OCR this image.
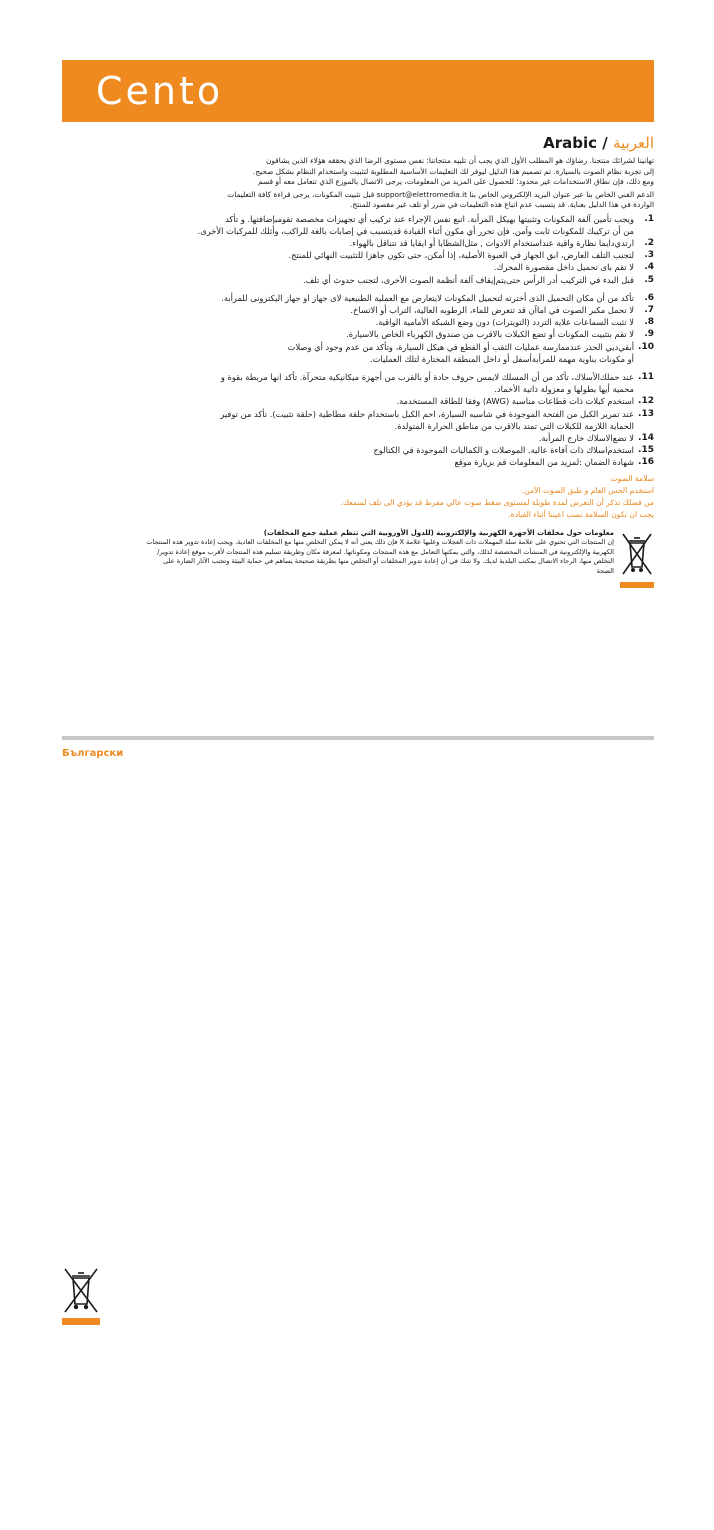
Cento
Arabic / العربية

تهانينا لشرائك منتجنا. رضاؤك هو المطلب الأول الذي يجب أن تلبيه منتجاتنا: نفس مستوى الرضا الذي يحققه هؤلاء الذين يشاقون

إلى تجربة نظام الصوت بالسيارة. تم تصميم هذا الدليل ليوفر لك التعليمات الأساسية المطلوبة لتثبيت واستخدام النظام بشكل صحيح.

ومع ذلك، فإن نطاق الاستخدامات غير محدود؛ للحصول على المزيد من المعلومات، يرجى الاتصال بالموزع الذي تتعامل معه أو قسم

الدعم الفني الخاص بنا عبر عنوان البريد الإلكتروني الخاص بنا support@elettromedia.it قبل تثبيت المكونات، يرجى قراءة كافة التعليمات

الواردة في هذا الدليل بعناية. قد يتسبب عدم اتباع هذه التعليمات في ضرر أو تلف غير مقصود للمنتج.

1.
ويجب تأمين آلفة المكونات وتثبيتها بهيكل المرأبة. اتبع نفس الإجراء عند تركيب أي تجهيزات مخصصة تقومبإضافتها. و تأكد
من أن تركيبك للمكونات ثابت وآمن. فإن تحرر أي مكون أثناء القيادة قديتسبب في إصابات بالغة للراكب، وأثلك للمركبات الأخرى.
2.
ارتدي‌دايما نظارة واقية عند‌استخدام الادوات , مثل‌الشظايا أو ايقايا قد تتناقل بالهواء.
3.
لتجنب التلف العارض، ابق الجهاز في العبوة الأصلية، إذا أمكن، حتى تكون جاهزا للتثبيت النهائي للمنتج.
4.
لا تقم باى تحميل داخل مقصورة المحرك.
5.
قبل البدء في التركيب أدر الرأس حتى‌يتم‌إيقاف آلفة أنظمة الصوت الأخرى، لتجنب حدوث أي تلف.
6.
تأكد من أن مكان التحميل الذى أخترته لتحميل المكونات لايتعارض مع العملية الطبيعية لاى جهاز او جهاز اليكترونى للمرأبة.
7.
لا تحمل مكبر الصوت في اماآن قد تتعرض للماء، الرطوبه العالية، التراب أو الاتساخ.
8.
لا تثبت السماعات علاية التردد (التويترات) دون وضع الشبكة الأمامية الواقية.
9.
لا تقم بتثبيت المكونات أو تضع الكبلات بالاقرب من صندوق الكهرباء الخاص بالاسيارة.
10.
أبقي‌ديي الحذر عند‌ممارسة عمليات الثقب أو القطع في هيكل السيارة، وتأكد من عدم وجود أي وصلات
أو مكونات بناوية مهمة للمرأبة‌أسفل أو داخل المنطقة المختارة لتلك العمليات.
11.
عند حملك‌الأسلاك، تأكد من أن المسلك لايمس حروف حادة أو بالقرب من أجهزة ميكانيكية متحرآة. تأكد انها مربطة بقوة و
محمية أيها بطولها و معزولة ذاتية الأخماد.
12.
استخدم كبلات ذات قطاعات مناسبة (AWG) وفقا للطاقة المستخدمة.
13.
عند تمرير الكبل من الفتحة الموجودة في شاسيه السيارة، احم الكبل باستخدام حلقة مطاطية (حلقة تثبيت). تأكد من توفير
الحماية اللازمة للكبلات التي تمتد بالاقرب من مناطق الحرارة المتولدة.
14.
لا تضع‌الاسلاك خارج المرأبة.
15.
ا‌ستخدم‌اسلاك ذات آفاءة عالية. الموصلات و الكماليات الموجودة في الكتالوج
16.
شهادة الضمان :لمزيد من المعلومات قم بزيارة موقع

سلامة الصوت

استخدم الحس العام و طبق الصوت الآمن.

من فضلك تذكر أن التعرض لمدة طويلة لمستوى ضغط صوت عالي مفرط قد يؤدي الى تلف لسمعك.

يجب ان تكون السلامة نصب اعيننا أثناء القيادة.

معلومات حول مخلفات الأجهزة الكهربية والإلكترونية (للدول الأوروبية التي تنظم عملية جمع المخلفات)

إن المنتجات التي تحتوي على علامة سلة المهملات ذات العجلات وعليها علامة X فإن ذلك يعني أنه لا يمكن التخلص منها مع المخلفات العادية. ويجب إعادة تدوير هذه المنتجات

الكهربية والإلكترونية في المنشآت المخصصة لذلك، والتي يمكنها التعامل مع هذه المنتجات ومكوناتها. لمعرفة مكان وطريقة تسليم هذه المنتجات لأقرب موقع إعادة تدوير/

التخلص منها، الرجاء الاتصال بمكتب البلدية لديك. ولا شك في أن إعادة تدوير المخلفات أو التخلص منها بطريقة صحيحة يساهم في حماية البيئة وتجنب الآثار الضارة على

الصحة

Български
